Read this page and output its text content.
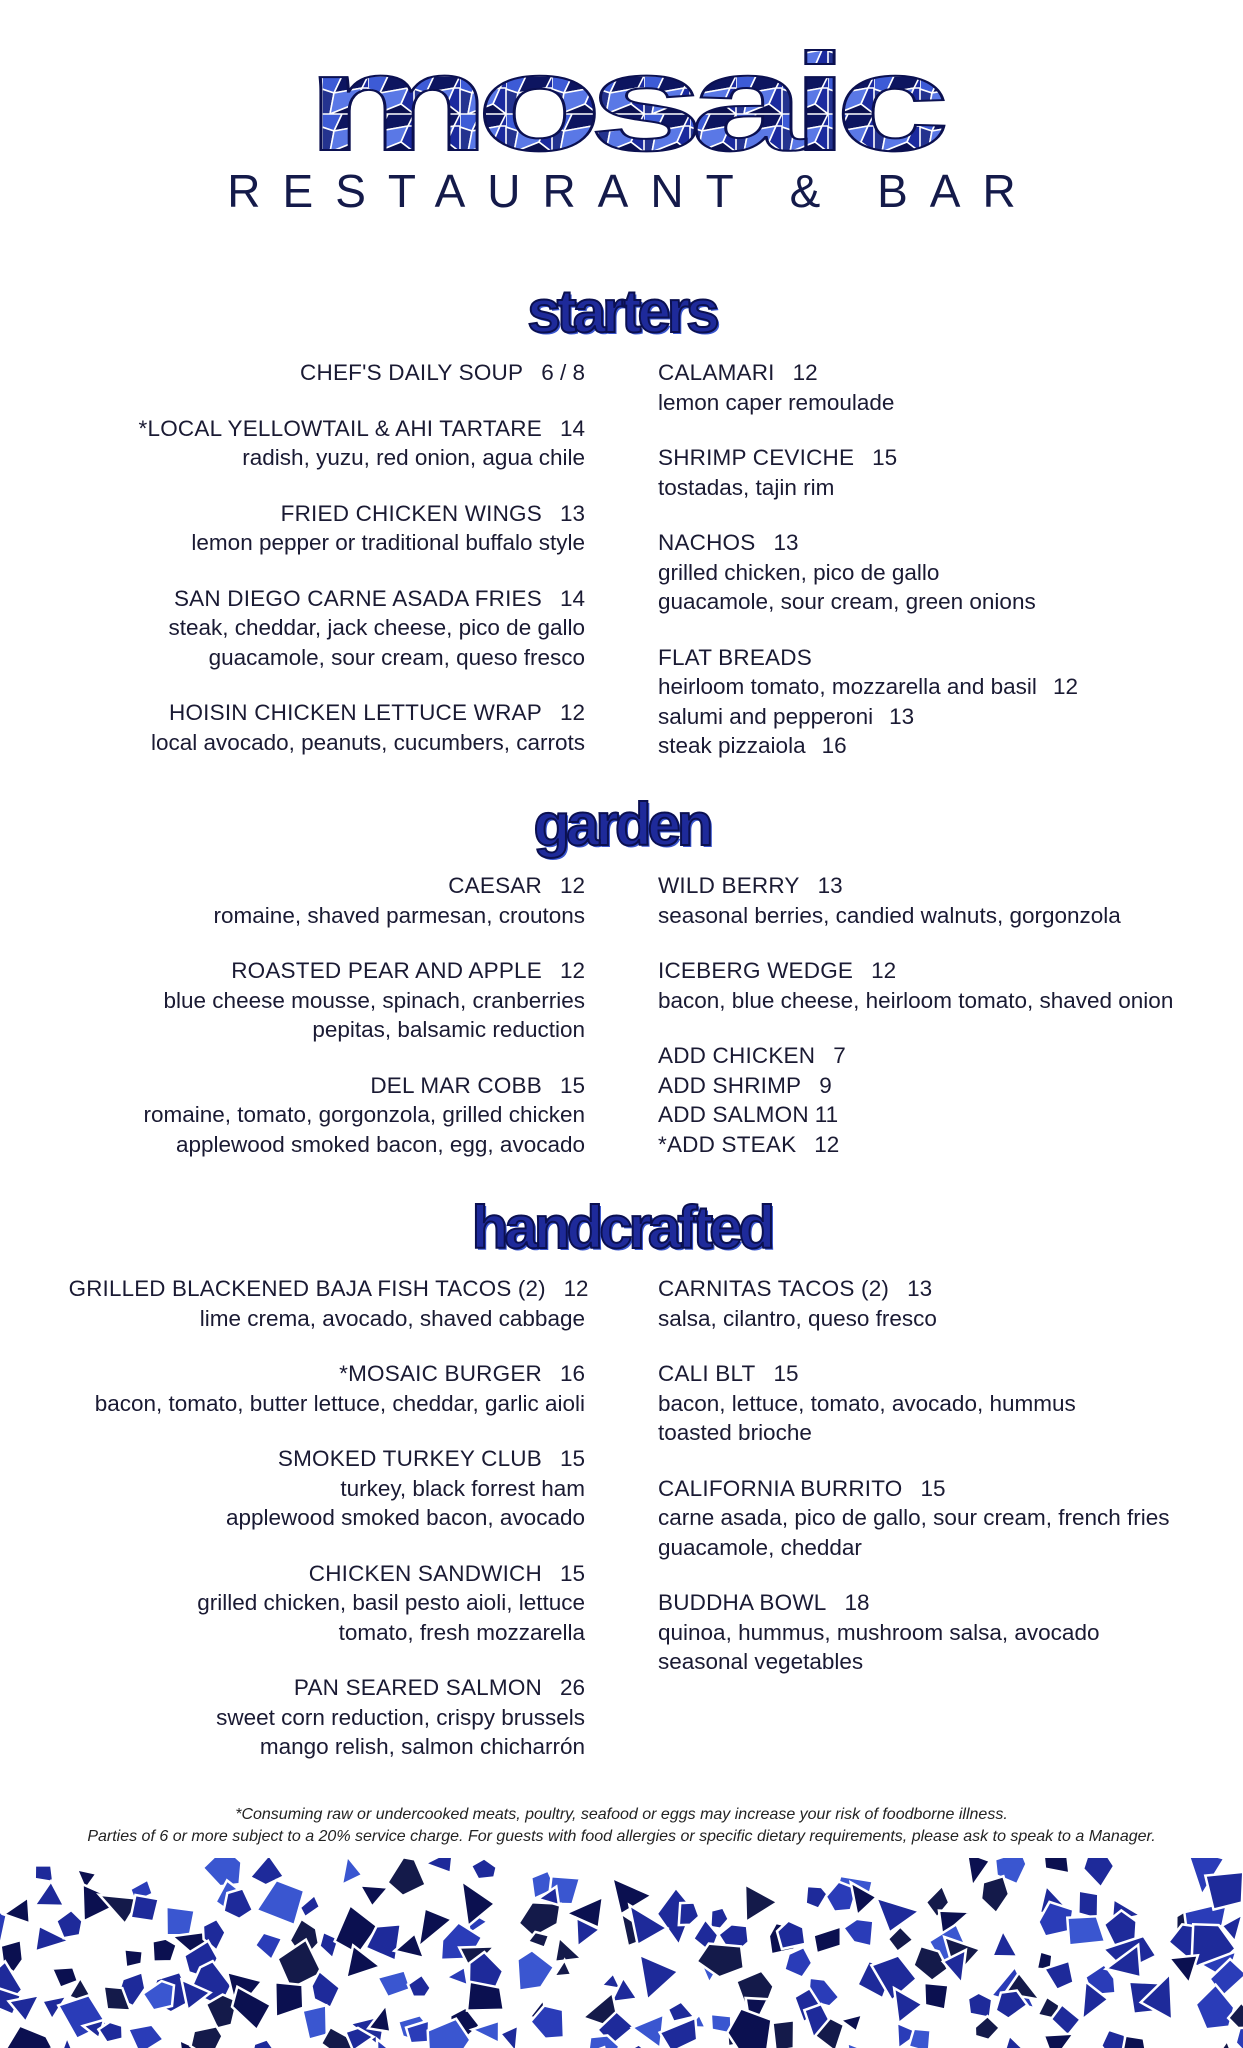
mosaic
RESTAURANT & BAR
starters
CHEF'S DAILY SOUP 6 / 8
*LOCAL YELLOWTAIL & AHI TARTARE 14
radish, yuzu, red onion, agua chile
FRIED CHICKEN WINGS 13
lemon pepper or traditional buffalo style
SAN DIEGO CARNE ASADA FRIES 14
steak, cheddar, jack cheese, pico de gallo
guacamole, sour cream, queso fresco
HOISIN CHICKEN LETTUCE WRAP 12
local avocado, peanuts, cucumbers, carrots
CALAMARI 12
lemon caper remoulade
SHRIMP CEVICHE 15
tostadas, tajin rim
NACHOS 13
grilled chicken, pico de gallo
guacamole, sour cream, green onions
FLAT BREADS
heirloom tomato, mozzarella and basil 12
salumi and pepperoni 13
steak pizzaiola 16
garden
CAESAR 12
romaine, shaved parmesan, croutons
ROASTED PEAR AND APPLE 12
blue cheese mousse, spinach, cranberries
pepitas, balsamic reduction
DEL MAR COBB 15
romaine, tomato, gorgonzola, grilled chicken
applewood smoked bacon, egg, avocado
WILD BERRY 13
seasonal berries, candied walnuts, gorgonzola
ICEBERG WEDGE 12
bacon, blue cheese, heirloom tomato, shaved onion
ADD CHICKEN 7
ADD SHRIMP 9
ADD SALMON 11
*ADD STEAK 12
handcrafted
GRILLED BLACKENED BAJA FISH TACOS (2) 12
lime crema, avocado, shaved cabbage
*MOSAIC BURGER 16
bacon, tomato, butter lettuce, cheddar, garlic aioli
SMOKED TURKEY CLUB 15
turkey, black forrest ham
applewood smoked bacon, avocado
CHICKEN SANDWICH 15
grilled chicken, basil pesto aioli, lettuce
tomato, fresh mozzarella
PAN SEARED SALMON 26
sweet corn reduction, crispy brussels
mango relish, salmon chicharrón
CARNITAS TACOS (2) 13
salsa, cilantro, queso fresco
CALI BLT 15
bacon, lettuce, tomato, avocado, hummus
toasted brioche
CALIFORNIA BURRITO 15
carne asada, pico de gallo, sour cream, french fries
guacamole, cheddar
BUDDHA BOWL 18
quinoa, hummus, mushroom salsa, avocado
seasonal vegetables
*Consuming raw or undercooked meats, poultry, seafood or eggs may increase your risk of foodborne illness.
Parties of 6 or more subject to a 20% service charge. For guests with food allergies or specific dietary requirements, please ask to speak to a Manager.
